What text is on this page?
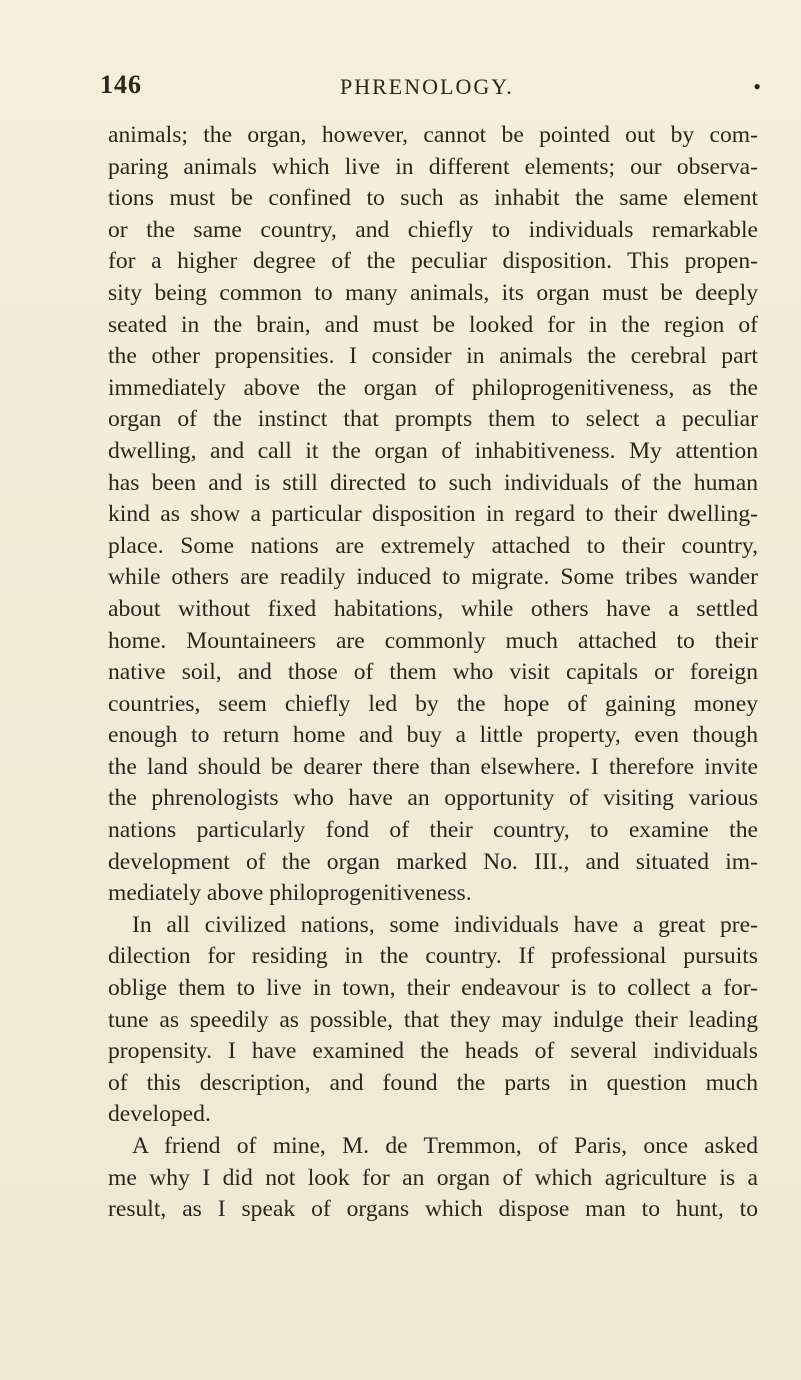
146	PHRENOLOGY.	•
animals; the organ, however, cannot be pointed out by com-
paring animals which live in different elements; our observa-
tions must be confined to such as inhabit the same element
or the same country, and chiefly to individuals remarkable
for a higher degree of the peculiar disposition. This propen-
sity being common to many animals, its organ must be deeply
seated in the brain, and must be looked for in the region of
the other propensities. I consider in animals the cerebral part
immediately above the organ of philoprogenitiveness, as the
organ of the instinct that prompts them to select a peculiar
dwelling, and call it the organ of inhabitiveness. My attention
has been and is still directed to such individuals of the human
kind as show a particular disposition in regard to their dwelling-
place. Some nations are extremely attached to their country,
while others are readily induced to migrate. Some tribes wander
about without fixed habitations, while others have a settled
home. Mountaineers are commonly much attached to their
native soil, and those of them who visit capitals or foreign
countries, seem chiefly led by the hope of gaining money
enough to return home and buy a little property, even though
the land should be dearer there than elsewhere. I therefore invite
the phrenologists who have an opportunity of visiting various
nations particularly fond of their country, to examine the
development of the organ marked No. III., and situated im-
mediately above philoprogenitiveness.
In all civilized nations, some individuals have a great pre-
dilection for residing in the country. If professional pursuits
oblige them to live in town, their endeavour is to collect a for-
tune as speedily as possible, that they may indulge their leading
propensity. I have examined the heads of several individuals
of this description, and found the parts in question much
developed.
A friend of mine, M. de Tremmon, of Paris, once asked
me why I did not look for an organ of which agriculture is a
result, as I speak of organs which dispose man to hunt, to
